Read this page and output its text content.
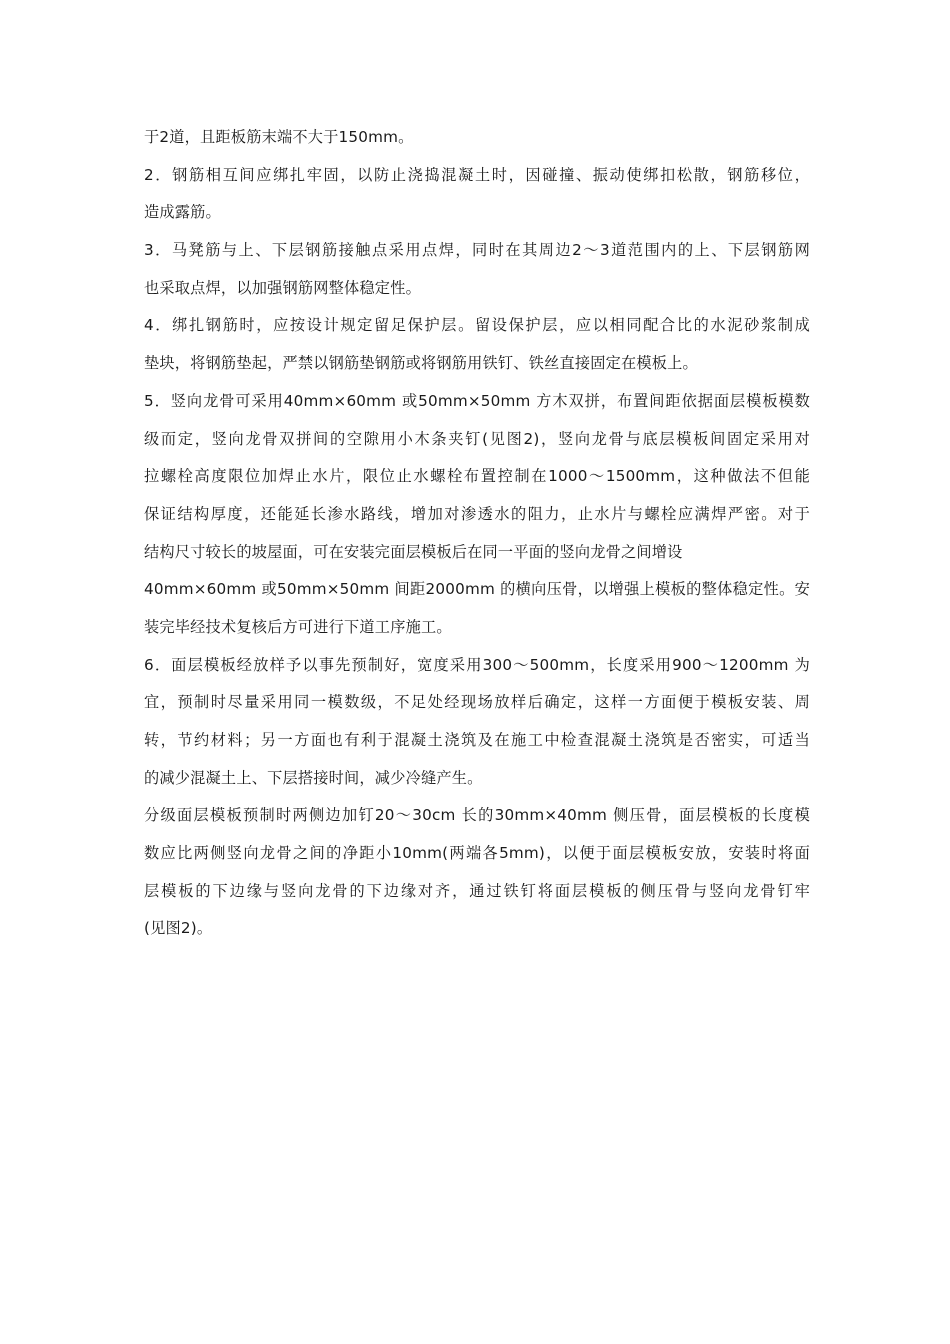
于2道，且距板筋末端不大于150mm。
2．钢筋相互间应绑扎牢固，以防止浇捣混凝土时，因碰撞、振动使绑扣松散，钢筋移位，
造成露筋。
3．马凳筋与上、下层钢筋接触点采用点焊，同时在其周边2～3道范围内的上、下层钢筋网
也采取点焊，以加强钢筋网整体稳定性。
4．绑扎钢筋时，应按设计规定留足保护层。留设保护层，应以相同配合比的水泥砂浆制成
垫块，将钢筋垫起，严禁以钢筋垫钢筋或将钢筋用铁钉、铁丝直接固定在模板上。
5．竖向龙骨可采用40mm×60mm 或50mm×50mm 方木双拼，布置间距依据面层模板模数
级而定，竖向龙骨双拼间的空隙用小木条夹钉(见图2)，竖向龙骨与底层模板间固定采用对
拉螺栓高度限位加焊止水片，限位止水螺栓布置控制在1000～1500mm，这种做法不但能
保证结构厚度，还能延长渗水路线，增加对渗透水的阻力，止水片与螺栓应满焊严密。对于
结构尺寸较长的坡屋面，可在安装完面层模板后在同一平面的竖向龙骨之间增设
40mm×60mm 或50mm×50mm 间距2000mm 的横向压骨，以增强上模板的整体稳定性。安
装完毕经技术复核后方可进行下道工序施工。
6．面层模板经放样予以事先预制好，宽度采用300～500mm，长度采用900～1200mm 为
宜，预制时尽量采用同一模数级，不足处经现场放样后确定，这样一方面便于模板安装、周
转，节约材料；另一方面也有利于混凝土浇筑及在施工中检查混凝土浇筑是否密实，可适当
的减少混凝土上、下层搭接时间，减少冷缝产生。
分级面层模板预制时两侧边加钉20～30cm 长的30mm×40mm 侧压骨，面层模板的长度模
数应比两侧竖向龙骨之间的净距小10mm(两端各5mm)，以便于面层模板安放，安装时将面
层模板的下边缘与竖向龙骨的下边缘对齐，通过铁钉将面层模板的侧压骨与竖向龙骨钉牢
(见图2)。
